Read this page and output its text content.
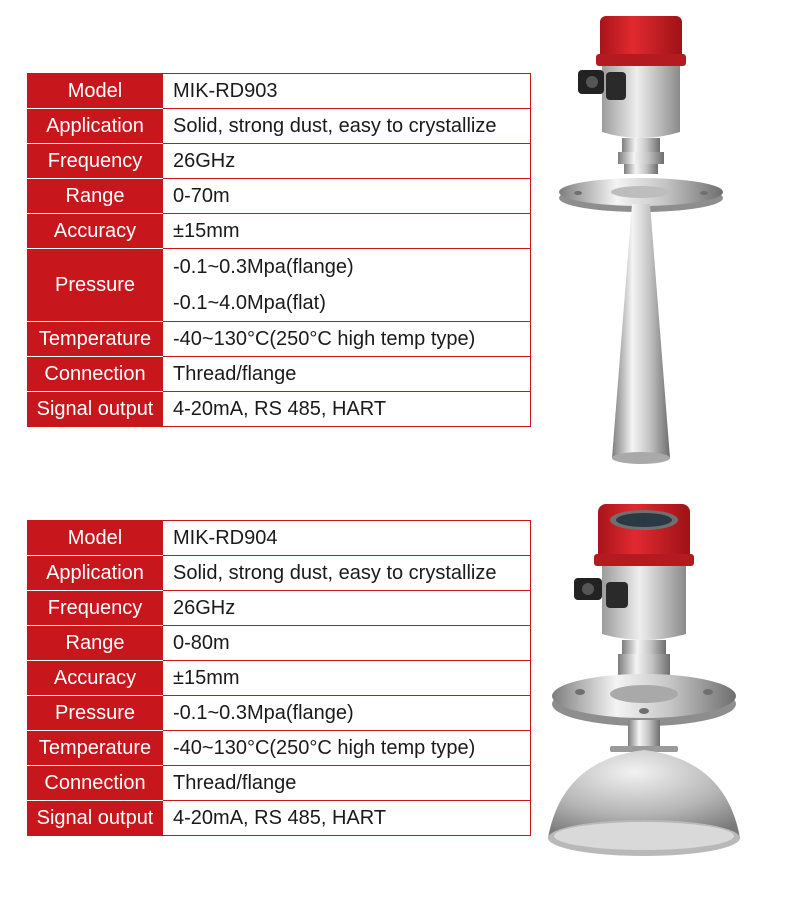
Model	MIK-RD903
Application	Solid, strong dust, easy to crystallize
Frequency	26GHz
Range	0-70m
Accuracy	±15mm
Pressure	-0.1~0.3Mpa(flange)
-0.1~4.0Mpa(flat)

Temperature	-40~130°C(250°C high temp type)
Connection	Thread/flange
Signal output	4-20mA, RS 485, HART
Model	MIK-RD904
Application	Solid, strong dust, easy to crystallize
Frequency	26GHz
Range	0-80m
Accuracy	±15mm
Pressure	-0.1~0.3Mpa(flange)
Temperature	-40~130°C(250°C high temp type)
Connection	Thread/flange
Signal output	4-20mA, RS 485, HART
